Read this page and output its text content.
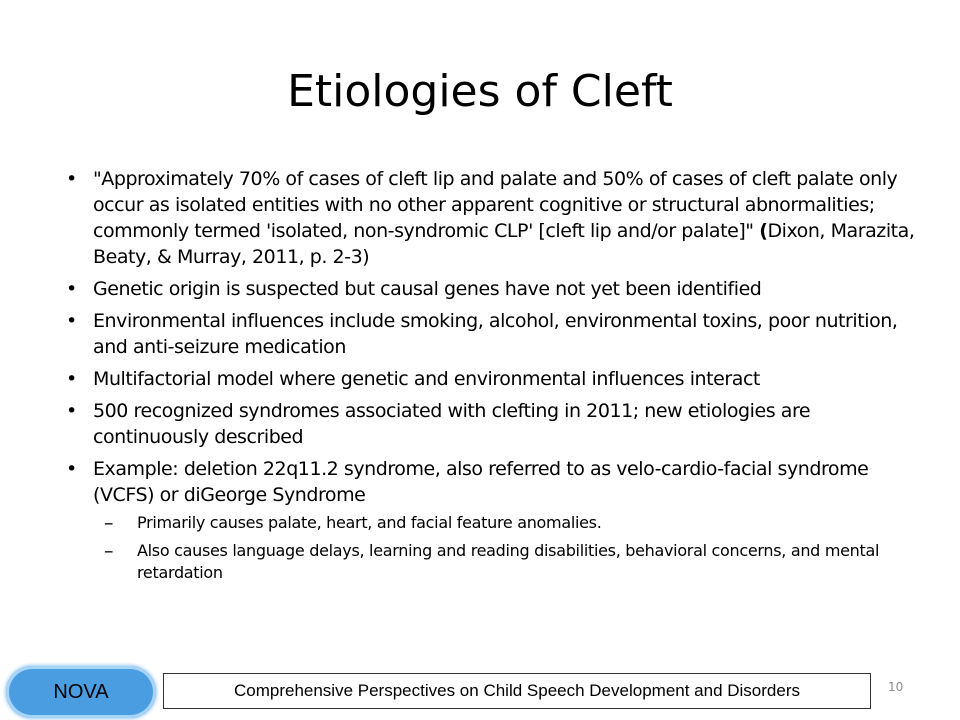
Etiologies of Cleft
• "Approximately 70% of cases of cleft lip and palate and 50% of cases of cleft palate only occur as isolated entities with no other apparent cognitive or structural abnormalities; commonly termed 'isolated, non-syndromic CLP' [cleft lip and/or palate]" (Dixon, Marazita, Beaty, & Murray, 2011, p. 2-3)
• Genetic origin is suspected but causal genes have not yet been identified
• Environmental influences include smoking, alcohol, environmental toxins, poor nutrition, and anti-seizure medication
• Multifactorial model where genetic and environmental influences interact
• 500 recognized syndromes associated with clefting in 2011; new etiologies are continuously described
• Example: deletion 22q11.2 syndrome, also referred to as velo-cardio-facial syndrome (VCFS) or diGeorge Syndrome
– Primarily causes palate, heart, and facial feature anomalies.
– Also causes language delays, learning and reading disabilities, behavioral concerns, and mental retardation
NOVA	Comprehensive Perspectives on Child Speech Development and Disorders	10
